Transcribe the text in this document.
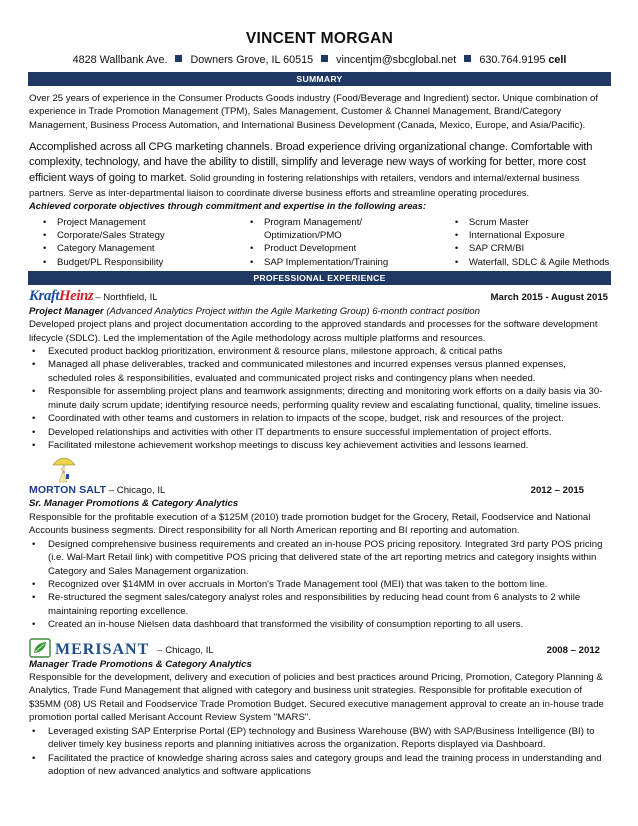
VINCENT MORGAN
4828 Wallbank Ave. Downers Grove, IL 60515 vincentjm@sbcglobal.net 630.764.9195 cell
SUMMARY

Over 25 years of experience in the Consumer Products Goods industry (Food/Beverage and Ingredient) sector. Unique combination of experience in Trade Promotion Management (TPM), Sales Management, Customer & Channel Management, Brand/Category Management, Business Process Automation, and International Business Development (Canada, Mexico, Europe, and Asia/Pacific).

Accomplished across all CPG marketing channels. Broad experience driving organizational change. Comfortable with complexity, technology, and have the ability to distill, simplify and leverage new ways of working for better, more cost efficient ways of going to market. Solid grounding in fostering relationships with retailers, vendors and internal/external business

partners. Serve as inter-departmental liaison to coordinate diverse business efforts and streamline operating procedures.

Achieved corporate objectives through commitment and expertise in the following areas:

• Project Management
• Corporate/Sales Strategy
• Category Management
• Budget/PL Responsibility
• Program Management/ Optimization/PMO
• Product Development
• SAP Implementation/Training
• Scrum Master
• International Exposure
• SAP CRM/BI
• Waterfall, SDLC & Agile Methods
PROFESSIONAL EXPERIENCE
Kraft Heinz – Northfield, IL	March 2015 - August 2015

Project Manager (Advanced Analytics Project within the Agile Marketing Group) 6-month contract position

Developed project plans and project documentation according to the approved standards and processes for the software development lifecycle (SDLC). Led the implementation of the Agile methodology across multiple platforms and resources.

• Executed product backlog prioritization, environment & resource plans, milestone approach, & critical paths
• Managed all phase deliverables, tracked and communicated milestones and incurred expenses versus planned expenses, scheduled roles & responsibilities, evaluated and communicated project risks and contingency plans when needed.
• Responsible for assembling project plans and teamwork assignments; directing and monitoring work efforts on a daily basis via 30-minute daily scrum update; identifying resource needs, performing quality review and escalating functional, quality, timeline issues.
• Coordinated with other teams and customers in relation to impacts of the scope, budget, risk and resources of the project.
• Developed relationships and activities with other IT departments to ensure successful implementation of project efforts.
• Facilitated milestone achievement workshop meetings to discuss key achievement activities and lessons learned.
MORTON SALT – Chicago, IL	2012 – 2015

Sr. Manager Promotions & Category Analytics

Responsible for the profitable execution of a $125M (2010) trade promotion budget for the Grocery, Retail, Foodservice and National Accounts business segments. Direct responsibility for all North American reporting and BI reporting and automation.

• Designed comprehensive business requirements and created an in-house POS pricing repository. Integrated 3rd party POS pricing (i.e. Wal-Mart Retail link) with competitive POS pricing that delivered state of the art reporting metrics and category insights within Category and Sales Management organization.
• Recognized over $14MM in over accruals in Morton's Trade Management tool (MEI) that was taken to the bottom line.
• Re-structured the segment sales/category analyst roles and responsibilities by reducing head count from 6 analysts to 2 while maintaining reporting excellence.
• Created an in-house Nielsen data dashboard that transformed the visibility of consumption reporting to all users.
MERISANT – Chicago, IL	2008 – 2012

Manager Trade Promotions & Category Analytics

Responsible for the development, delivery and execution of policies and best practices around Pricing, Promotion, Category Planning & Analytics, Trade Fund Management that aligned with category and business unit strategies. Responsible for profitable execution of $35MM (08) US Retail and Foodservice Trade Promotion Budget. Secured executive management approval to create an in-house trade promotion portal called Merisant Account Review System "MARS".

• Leveraged existing SAP Enterprise Portal (EP) technology and Business Warehouse (BW) with SAP/Business Intelligence (BI) to deliver timely key business reports and planning initiatives across the organization. Reports displayed via Dashboard.
• Facilitated the practice of knowledge sharing across sales and category groups and lead the training process in understanding and adoption of new advanced analytics and software applications
